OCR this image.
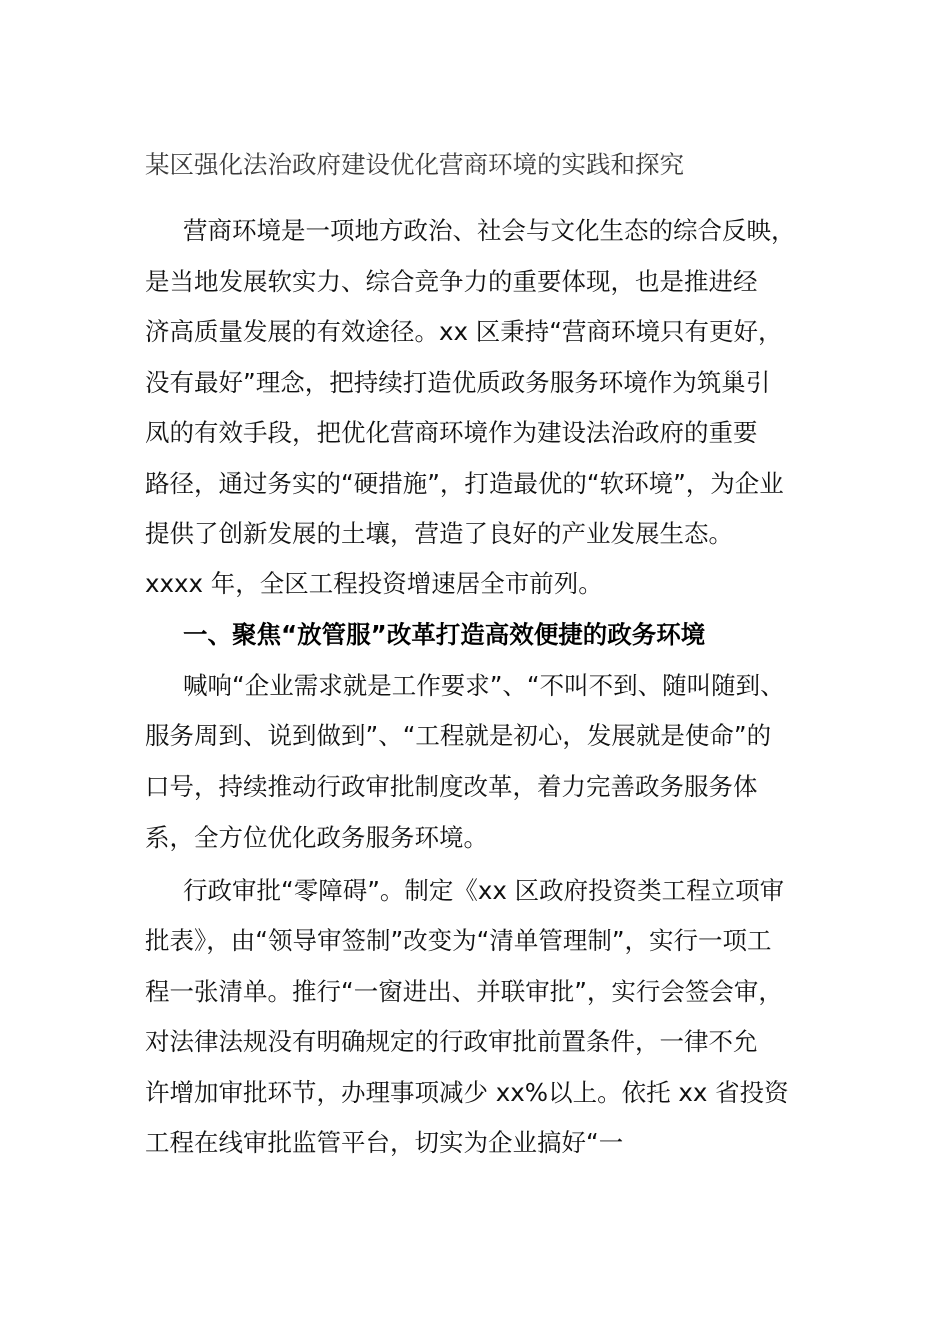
某区强化法治政府建设优化营商环境的实践和探究
营商环境是一项地方政治、社会与文化生态的综合反映，
是当地发展软实力、综合竞争力的重要体现，也是推进经
济高质量发展的有效途径。xx 区秉持“营商环境只有更好，
没有最好”理念，把持续打造优质政务服务环境作为筑巢引
凤的有效手段，把优化营商环境作为建设法治政府的重要
路径，通过务实的“硬措施”，打造最优的“软环境”，为企业
提供了创新发展的土壤，营造了良好的产业发展生态。
xxxx 年，全区工程投资增速居全市前列。
一、聚焦“放管服”改革打造高效便捷的政务环境
喊响“企业需求就是工作要求”、“不叫不到、随叫随到、
服务周到、说到做到”、“工程就是初心，发展就是使命”的
口号，持续推动行政审批制度改革，着力完善政务服务体
系，全方位优化政务服务环境。
行政审批“零障碍”。制定《xx 区政府投资类工程立项审
批表》，由“领导审签制”改变为“清单管理制”，实行一项工
程一张清单。推行“一窗进出、并联审批”，实行会签会审，
对法律法规没有明确规定的行政审批前置条件，一律不允
许增加审批环节，办理事项减少 xx%以上。依托 xx 省投资
工程在线审批监管平台，切实为企业搞好“一
